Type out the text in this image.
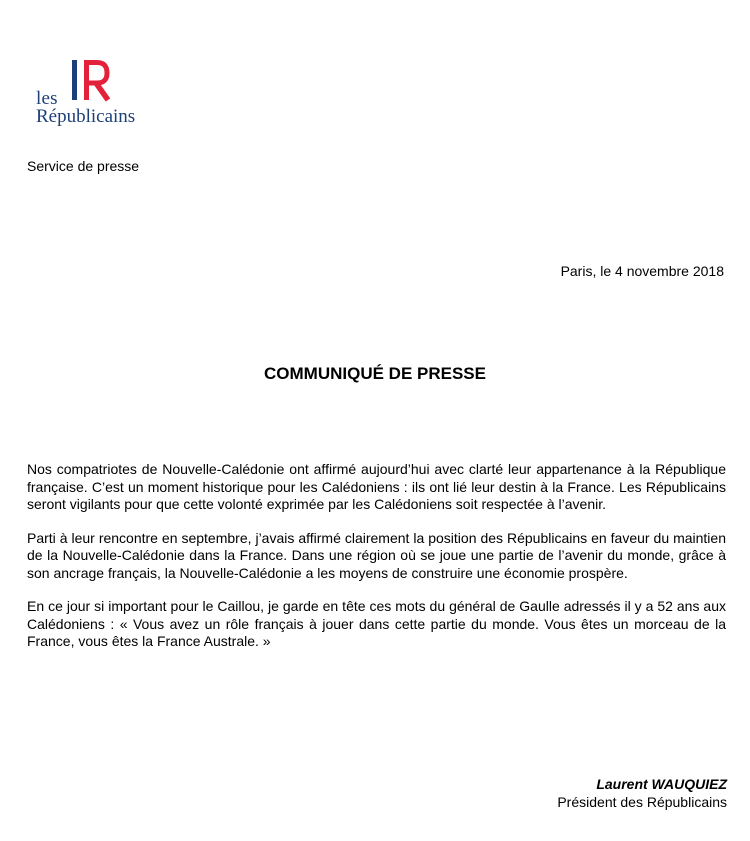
les
Républicains
Service de presse
Paris, le 4 novembre 2018
COMMUNIQUÉ DE PRESSE

Nos compatriotes de Nouvelle-Calédonie ont affirmé aujourd’hui avec clarté leur appartenance à la République française. C’est un moment historique pour les Calédoniens : ils ont lié leur destin à la France. Les Républicains seront vigilants pour que cette volonté exprimée par les Calédoniens soit respectée à l’avenir.

Parti à leur rencontre en septembre, j’avais affirmé clairement la position des Républicains en faveur du maintien de la Nouvelle-Calédonie dans la France. Dans une région où se joue une partie de l’avenir du monde, grâce à son ancrage français, la Nouvelle-Calédonie a les moyens de construire une économie prospère.

En ce jour si important pour le Caillou, je garde en tête ces mots du général de Gaulle adressés il y a 52 ans aux Calédoniens : « Vous avez un rôle français à jouer dans cette partie du monde. Vous êtes un morceau de la France, vous êtes la France Australe. »

Laurent WAUQUIEZ
Président des Républicains
